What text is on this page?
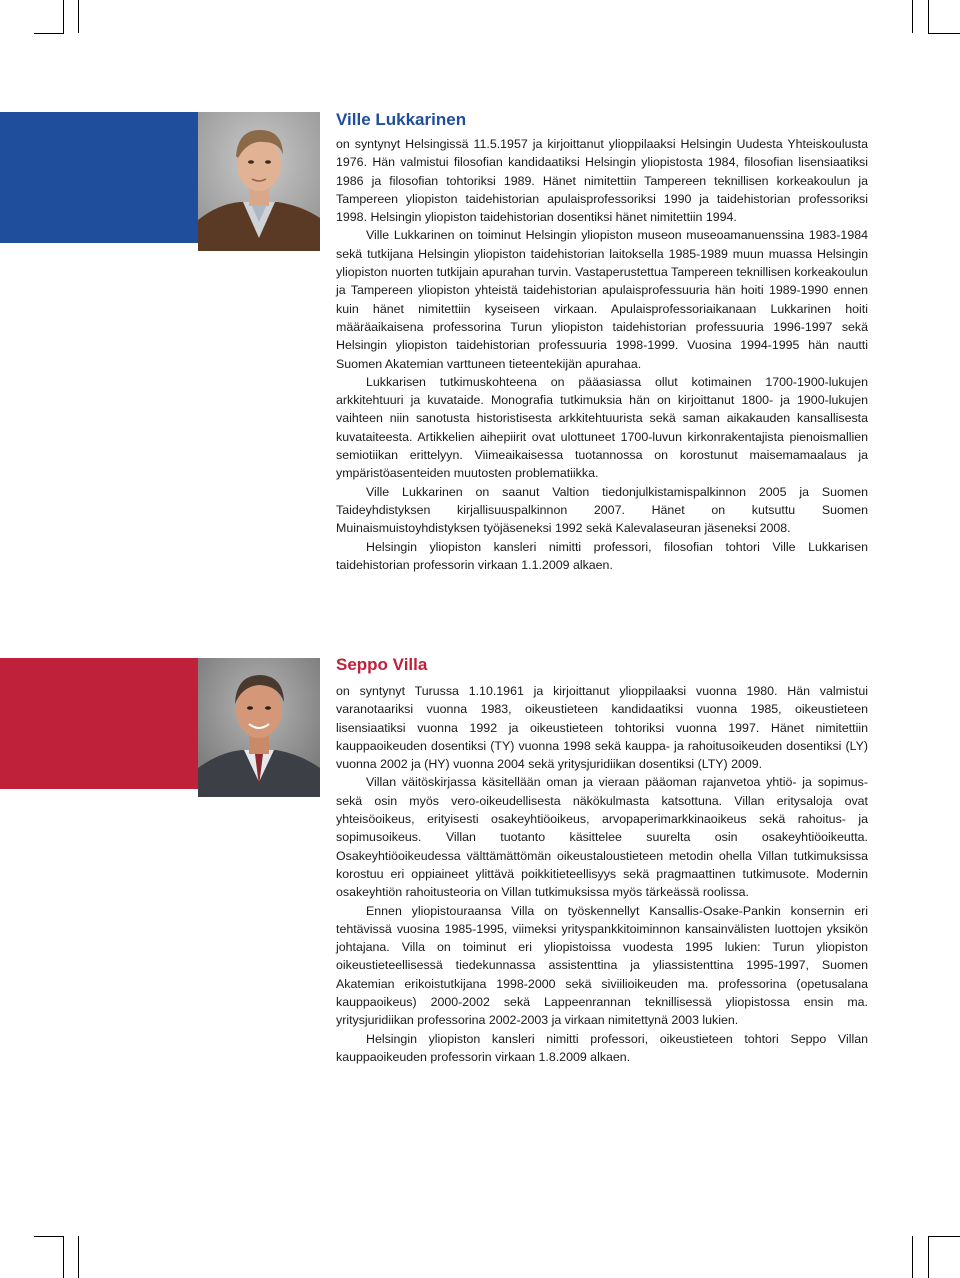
Ville Lukkarinen

on syntynyt Helsingissä 11.5.1957 ja kirjoittanut ylioppilaaksi Helsingin Uudesta Yhteiskoulusta 1976. Hän valmistui filosofian kandidaatiksi Helsingin yliopistosta 1984, filosofian lisensiaatiksi 1986 ja filosofian tohtoriksi 1989. Hänet nimitettiin Tampereen teknillisen korkeakoulun ja Tampereen yliopiston taidehistorian apulaisprofessoriksi 1990 ja taidehistorian professoriksi 1998. Helsingin yliopiston taidehistorian dosentiksi hänet nimitettiin 1994.

Ville Lukkarinen on toiminut Helsingin yliopiston museon museoamanuenssina 1983-1984 sekä tutkijana Helsingin yliopiston taidehistorian laitoksella 1985-1989 muun muassa Helsingin yliopiston nuorten tutkijain apurahan turvin. Vastaperustettua Tampereen teknillisen korkeakoulun ja Tampereen yliopiston yhteistä taidehistorian apulaisprofessuuria hän hoiti 1989-1990 ennen kuin hänet nimitettiin kyseiseen virkaan. Apulaisprofessoriaikanaan Lukkarinen hoiti määräaikaisena professorina Turun yliopiston taidehistorian professuuria 1996-1997 sekä Helsingin yliopiston taidehistorian professuuria 1998-1999. Vuosina 1994-1995 hän nautti Suomen Akatemian varttuneen tieteentekijän apurahaa.

Lukkarisen tutkimuskohteena on pääasiassa ollut kotimainen 1700-1900-lukujen arkkitehtuuri ja kuvataide. Monografia tutkimuksia hän on kirjoittanut 1800- ja 1900-lukujen vaihteen niin sanotusta historistisesta arkkitehtuurista sekä saman aikakauden kansallisesta kuvataiteesta. Artikkelien aihepiirit ovat ulottuneet 1700-luvun kirkonrakentajista pienoismallien semiotiikan erittelyyn. Viimeaikaisessa tuotannossa on korostunut maisemamaalaus ja ympäristöasenteiden muutosten problematiikka.

Ville Lukkarinen on saanut Valtion tiedonjulkistamispalkinnon 2005 ja Suomen Taideyhdistyksen kirjallisuuspalkinnon 2007. Hänet on kutsuttu Suomen Muinaismuistoyhdistyksen työjäseneksi 1992 sekä Kalevalaseuran jäseneksi 2008.

Helsingin yliopiston kansleri nimitti professori, filosofian tohtori Ville Lukkarisen taidehistorian professorin virkaan 1.1.2009 alkaen.

Seppo Villa

on syntynyt Turussa 1.10.1961 ja kirjoittanut ylioppilaaksi vuonna 1980. Hän valmistui varanotaariksi vuonna 1983, oikeustieteen kandidaatiksi vuonna 1985, oikeustieteen lisensiaatiksi vuonna 1992 ja oikeustieteen tohtoriksi vuonna 1997. Hänet nimitettiin kauppaoikeuden dosentiksi (TY) vuonna 1998 sekä kauppa- ja rahoitusoikeuden dosentiksi (LY) vuonna 2002 ja (HY) vuonna 2004 sekä yritysjuridiikan dosentiksi (LTY) 2009.

Villan väitöskirjassa käsitellään oman ja vieraan pääoman rajanvetoa yhtiö- ja sopimus- sekä osin myös vero-oikeudellisesta näkökulmasta katsottuna. Villan eritysaloja ovat yhteisöoikeus, erityisesti osakeyhtiöoikeus, arvopaperimarkkinaoikeus sekä rahoitus- ja sopimusoikeus. Villan tuotanto käsittelee suurelta osin osakeyhtiöoikeutta. Osakeyhtiöoikeudessa välttämättömän oikeustaloustieteen metodin ohella Villan tutkimuksissa korostuu eri oppiaineet ylittävä poikkitieteellisyys sekä pragmaattinen tutkimusote. Modernin osakeyhtiön rahoitusteoria on Villan tutkimuksissa myös tärkeässä roolissa.

Ennen yliopistouraansa Villa on työskennellyt Kansallis-Osake-Pankin konsernin eri tehtävissä vuosina 1985-1995, viimeksi yrityspankkitoiminnon kansainvälisten luottojen yksikön johtajana. Villa on toiminut eri yliopistoissa vuodesta 1995 lukien: Turun yliopiston oikeustieteellisessä tiedekunnassa assistenttina ja yliassistenttina 1995-1997, Suomen Akatemian erikoistutkijana 1998-2000 sekä siviilioikeuden ma. professorina (opetusalana kauppaoikeus) 2000-2002 sekä Lappeenrannan teknillisessä yliopistossa ensin ma. yritysjuridiikan professorina 2002-2003 ja virkaan nimitettynä 2003 lukien.

Helsingin yliopiston kansleri nimitti professori, oikeustieteen tohtori Seppo Villan kauppaoikeuden professorin virkaan 1.8.2009 alkaen.
